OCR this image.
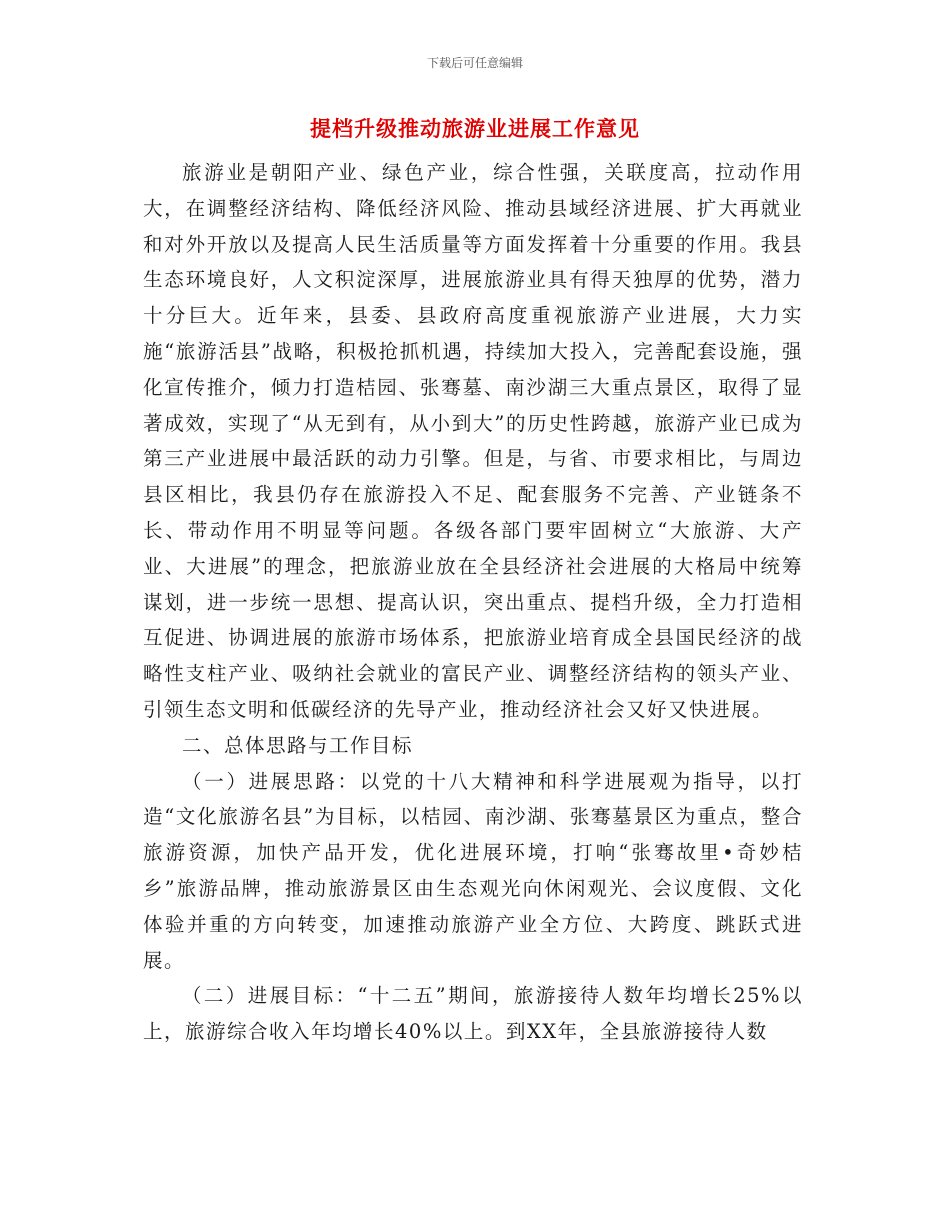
下载后可任意编辑
提档升级推动旅游业进展工作意见

旅游业是朝阳产业、绿色产业，综合性强，关联度高，拉动作用大，在调整经济结构、降低经济风险、推动县域经济进展、扩大再就业和对外开放以及提高人民生活质量等方面发挥着十分重要的作用。我县生态环境良好，人文积淀深厚，进展旅游业具有得天独厚的优势，潜力十分巨大。近年来，县委、县政府高度重视旅游产业进展，大力实施“旅游活县”战略，积极抢抓机遇，持续加大投入，完善配套设施，强化宣传推介，倾力打造桔园、张骞墓、南沙湖三大重点景区，取得了显著成效，实现了“从无到有，从小到大”的历史性跨越，旅游产业已成为第三产业进展中最活跃的动力引擎。但是，与省、市要求相比，与周边县区相比，我县仍存在旅游投入不足、配套服务不完善、产业链条不长、带动作用不明显等问题。各级各部门要牢固树立“大旅游、大产业、大进展”的理念，把旅游业放在全县经济社会进展的大格局中统筹谋划，进一步统一思想、提高认识，突出重点、提档升级，全力打造相互促进、协调进展的旅游市场体系，把旅游业培育成全县国民经济的战略性支柱产业、吸纳社会就业的富民产业、调整经济结构的领头产业、引领生态文明和低碳经济的先导产业，推动经济社会又好又快进展。

二、总体思路与工作目标

（一）进展思路：以党的十八大精神和科学进展观为指导，以打造“文化旅游名县”为目标，以桔园、南沙湖、张骞墓景区为重点，整合旅游资源，加快产品开发，优化进展环境，打响“张骞故里•奇妙桔乡”旅游品牌，推动旅游景区由生态观光向休闲观光、会议度假、文化体验并重的方向转变，加速推动旅游产业全方位、大跨度、跳跃式进展。

（二）进展目标：“十二五”期间，旅游接待人数年均增长25%以上，旅游综合收入年均增长40%以上。到XX年，全县旅游接待人数
